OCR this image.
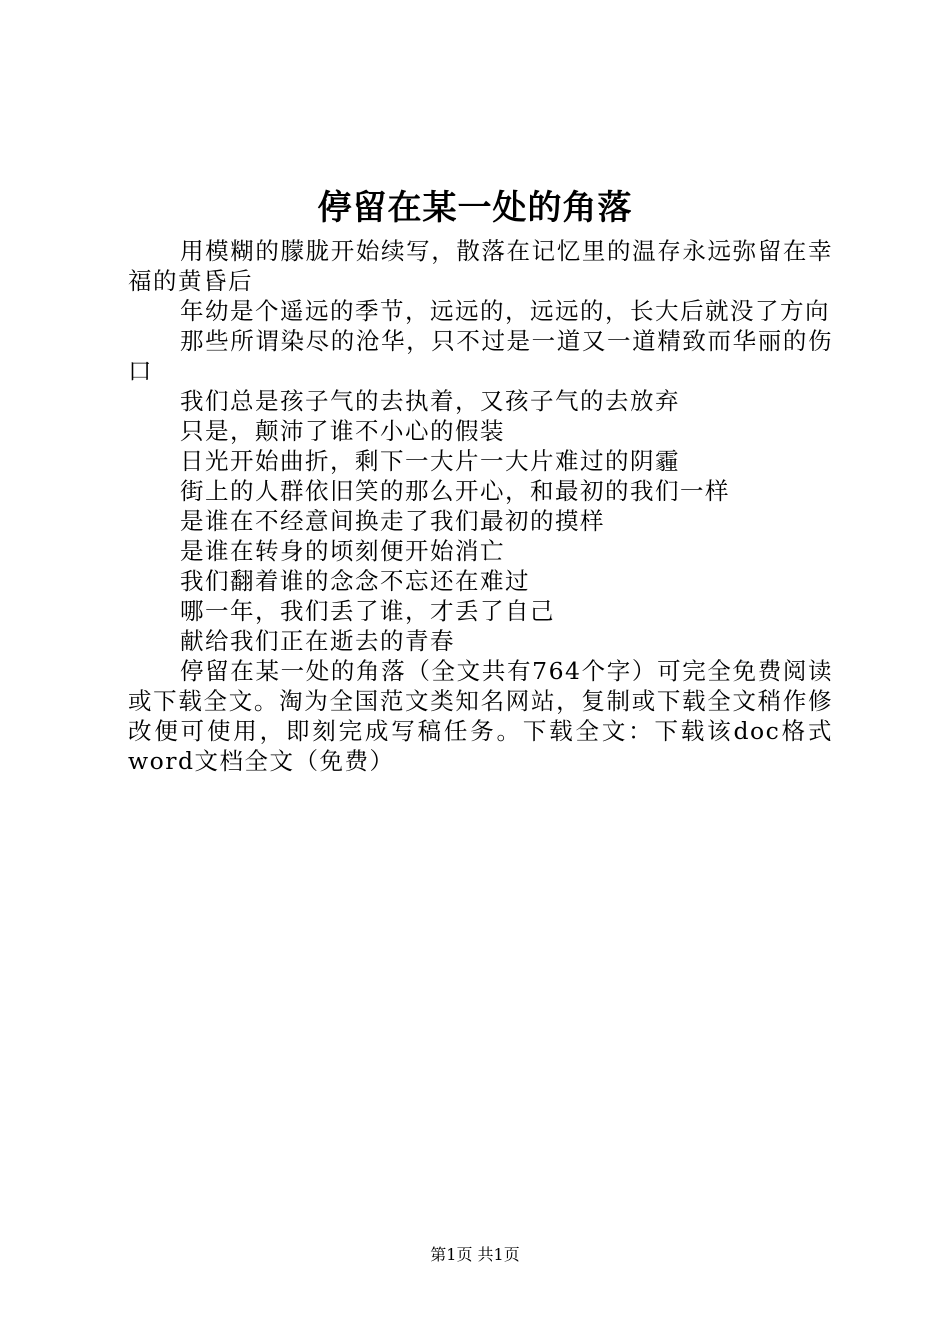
停留在某一处的角落

用模糊的朦胧开始续写，散落在记忆里的温存永远弥留在幸福的黄昏后

年幼是个遥远的季节，远远的，远远的，长大后就没了方向

那些所谓染尽的沧华，只不过是一道又一道精致而华丽的伤口

我们总是孩子气的去执着，又孩子气的去放弃

只是，颠沛了谁不小心的假装

日光开始曲折，剩下一大片一大片难过的阴霾

街上的人群依旧笑的那么开心，和最初的我们一样

是谁在不经意间换走了我们最初的摸样

是谁在转身的顷刻便开始消亡

我们翻着谁的念念不忘还在难过

哪一年，我们丢了谁，才丢了自己

献给我们正在逝去的青春

停留在某一处的角落（全文共有764个字）可完全免费阅读或下载全文。淘为全国范文类知名网站，复制或下载全文稍作修改便可使用，即刻完成写稿任务。下载全文：下载该doc格式word文档全文（免费）

第1页 共1页
